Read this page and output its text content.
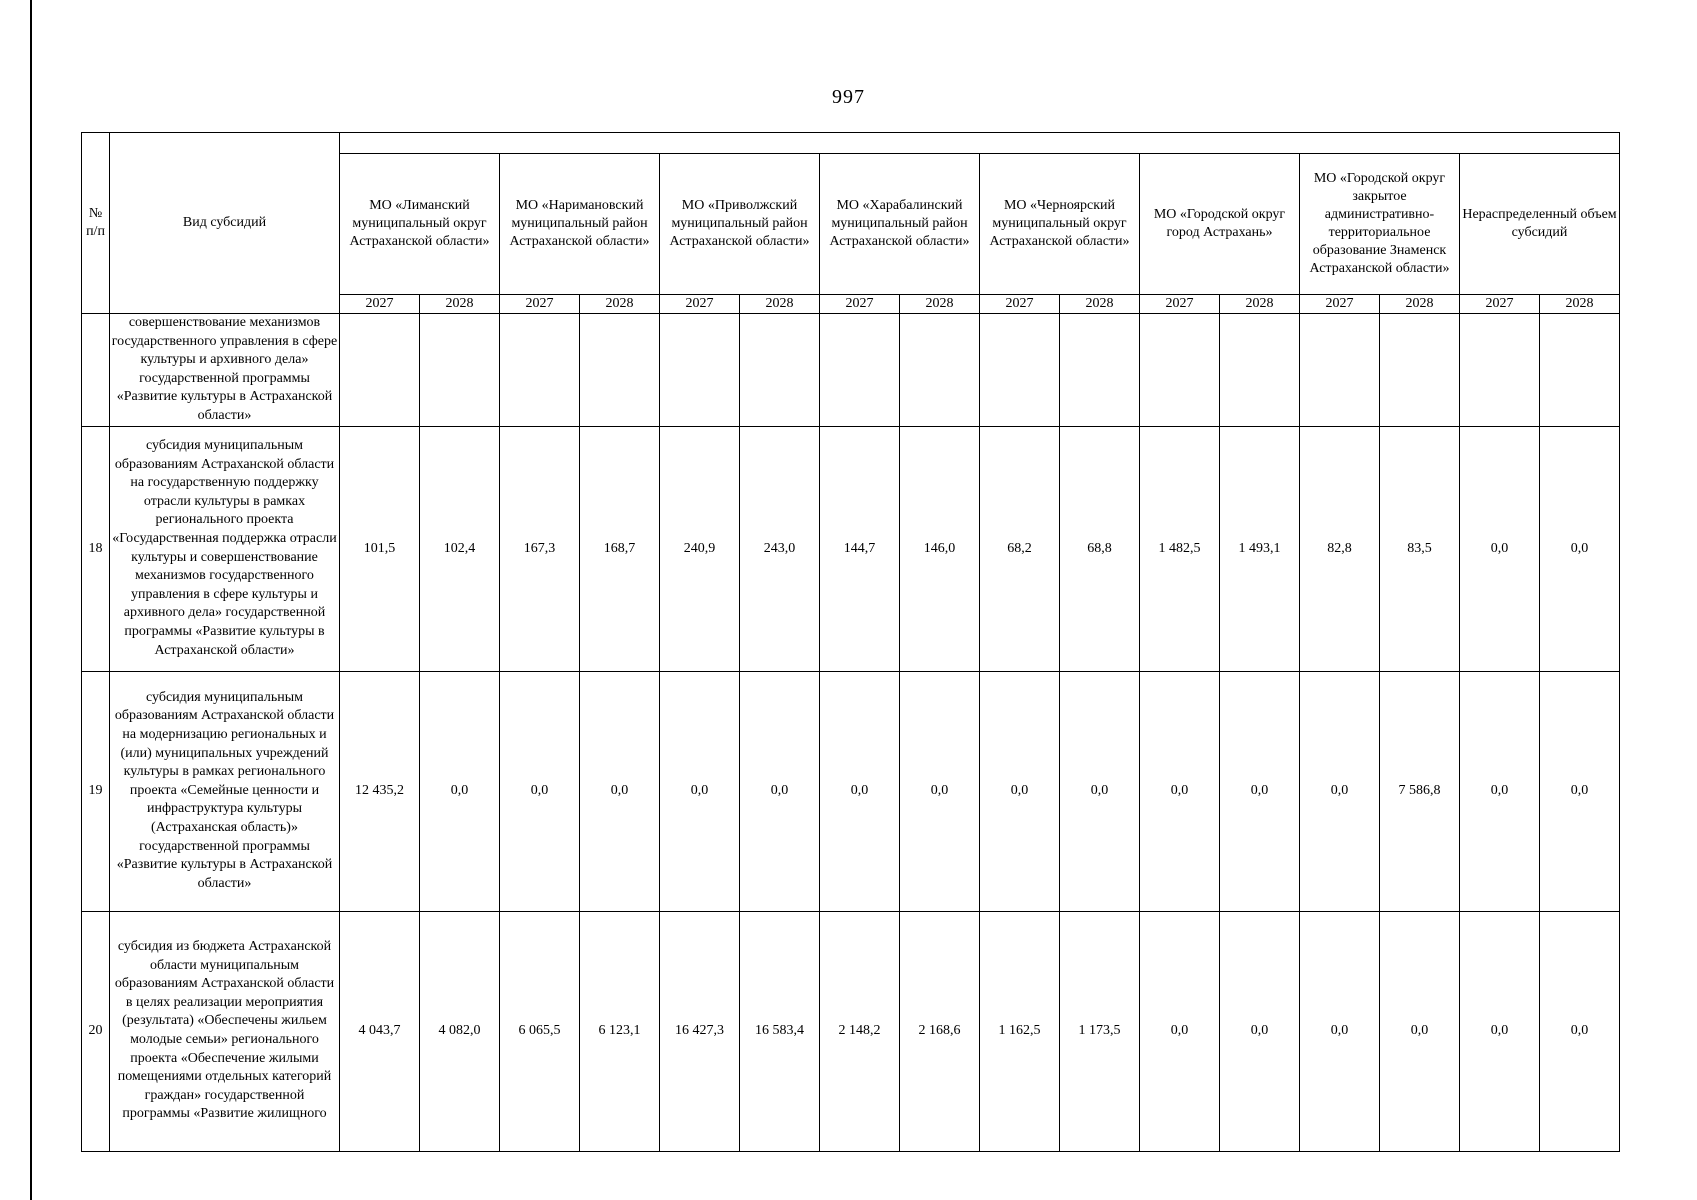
997
№ п/п	Вид субсидий																
		МО «Лиманский муниципальный округ Астраханской области»		МО «Наримановский муниципальный район Астраханской области»		МО «Приволжский муниципальный район Астраханской области»		МО «Харабалинский муниципальный район Астраханской области»		МО «Черноярский муниципальный округ Астраханской области»		МО «Городской округ город Астрахань»		МО «Городской округ закрытое административно-территориальное образование Знаменск Астраханской области»		Нераспределенный объем субсидий	
		2027	2028	2027	2028	2027	2028	2027	2028	2027	2028	2027	2028	2027	2028	2027	2028

	совершенствование механизмов государственного управления в сфере культуры и архивного дела» государственной программы «Развитие культуры в Астраханской области»																
18	субсидия муниципальным образованиям Астраханской области на государственную поддержку отрасли культуры в рамках регионального проекта «Государственная поддержка отрасли культуры и совершенствование механизмов государственного управления в сфере культуры и архивного дела» государственной программы «Развитие культуры в Астраханской области»	101,5	102,4	167,3	168,7	240,9	243,0	144,7	146,0	68,2	68,8	1 482,5	1 493,1	82,8	83,5	0,0	0,0
19	субсидия муниципальным образованиям Астраханской области на модернизацию региональных и (или) муниципальных учреждений культуры в рамках регионального проекта «Семейные ценности и инфраструктура культуры (Астраханская область)» государственной программы «Развитие культуры в Астраханской области»	12 435,2	0,0	0,0	0,0	0,0	0,0	0,0	0,0	0,0	0,0	0,0	0,0	0,0	7 586,8	0,0	0,0
20	субсидия из бюджета Астраханской области муниципальным образованиям Астраханской области в целях реализации мероприятия (результата) «Обеспечены жильем молодые семьи» регионального проекта «Обеспечение жилыми помещениями отдельных категорий граждан» государственной программы «Развитие жилищного	4 043,7	4 082,0	6 065,5	6 123,1	16 427,3	16 583,4	2 148,2	2 168,6	1 162,5	1 173,5	0,0	0,0	0,0	0,0	0,0	0,0
